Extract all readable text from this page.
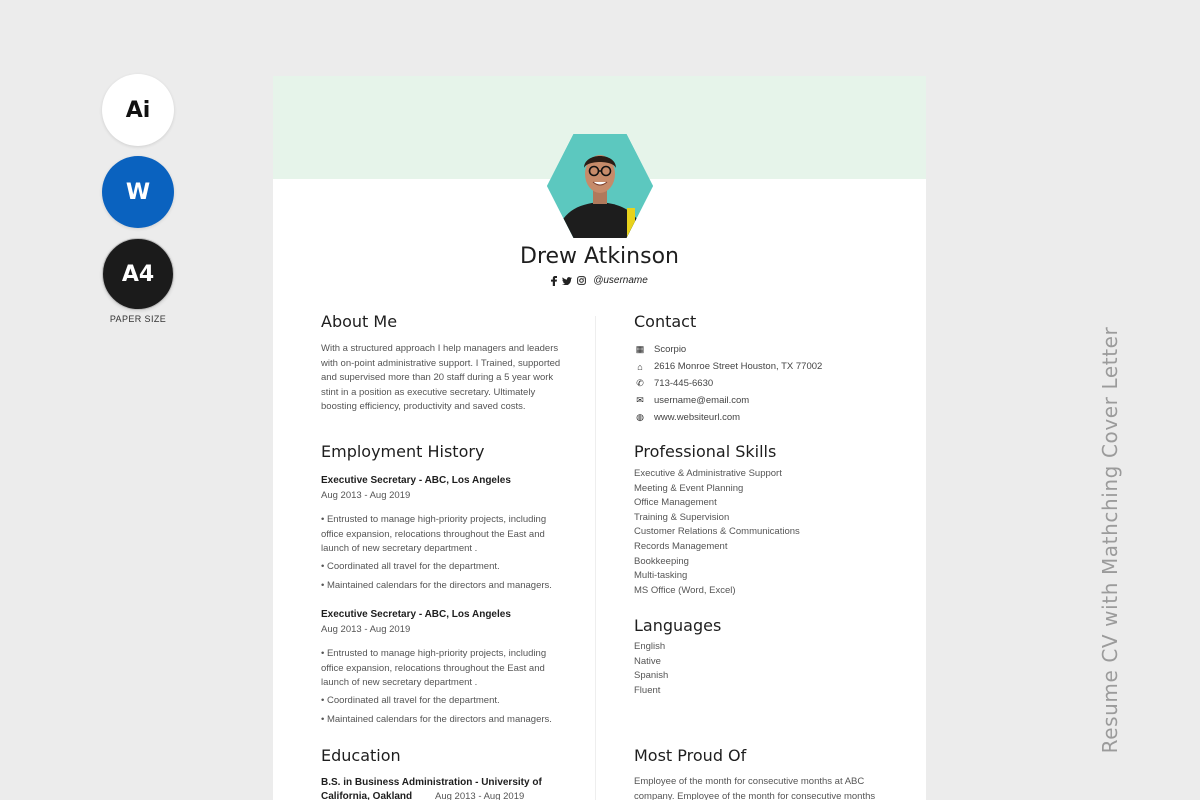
Ai
W
A4
PAPER SIZE
Resume CV with Mathching Cover Letter
Drew Atkinson
@username
About Me
With a structured approach I help managers and leaders
with on-point administrative support. I Trained, supported
and supervised more than 20 staff during a 5 year work
stint in a position as executive secretary. Ultimately
boosting efficiency, productivity and saved costs.
Employment History
Executive Secretary - ABC, Los Angeles
Aug 2013 - Aug 2019
• Entrusted to manage high-priority projects, including office expansion, relocations throughout the East and launch of new secretary department .
• Coordinated all travel for the department.
• Maintained calendars for the directors and managers.
Executive Secretary - ABC, Los Angeles
Aug 2013 - Aug 2019
• Entrusted to manage high-priority projects, including office expansion, relocations throughout the East and launch of new secretary department .
• Coordinated all travel for the department.
• Maintained calendars for the directors and managers.
Education
B.S. in Business Administration - University of California, Oakland	Aug 2013 - Aug 2019
Contact
▦ Scorpio
⌂	2616 Monroe Street Houston, TX 77002
✆ 713-445-6630
✉ username@email.com
◍ www.websiteurl.com
Professional Skills
Executive & Administrative Support
Meeting & Event Planning
Office Management
Training & Supervision
Customer Relations & Communications
Records Management
Bookkeeping
Multi-tasking
MS Office (Word, Excel)
Languages
English
Native
Spanish
Fluent
Most Proud Of
Employee of the month for consecutive months at ABC
company. Employee of the month for consecutive months
